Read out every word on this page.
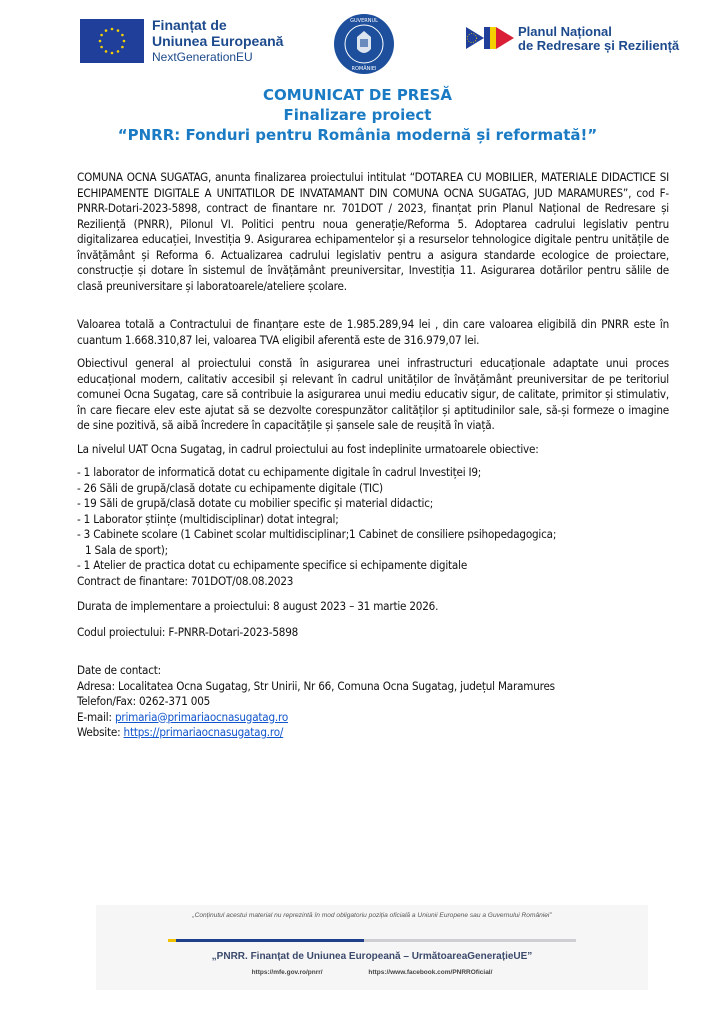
Finanțat de
Uniunea Europeană
NextGenerationEU
GUVERNUL
ROMÂNIEI
Planul Național
de Redresare și Reziliență
COMUNICAT DE PRESĂ
Finalizare proiect
“PNRR: Fonduri pentru România modernă și reformată!”

COMUNA OCNA SUGATAG, anunta finalizarea proiectului intitulat “DOTAREA CU MOBILIER, MATERIALE DIDACTICE SI ECHIPAMENTE DIGITALE A UNITATILOR DE INVATAMANT DIN COMUNA OCNA SUGATAG, JUD MARAMURES”, cod F-PNRR-Dotari-2023-5898, contract de finantare nr. 701DOT / 2023, finanțat prin Planul Național de Redresare și Reziliență (PNRR), Pilonul VI. Politici pentru noua generație/Reforma 5. Adoptarea cadrului legislativ pentru digitalizarea educației, Investiția 9. Asigurarea echipamentelor și a resurselor tehnologice digitale pentru unitățile de învățământ și Reforma 6. Actualizarea cadrului legislativ pentru a asigura standarde ecologice de proiectare, construcție și dotare în sistemul de învățământ preuniversitar, Investiția 11. Asigurarea dotărilor pentru sălile de clasă preuniversitare și laboratoarele/ateliere școlare.

Valoarea totală a Contractului de finanțare este de 1.985.289,94 lei , din care valoarea eligibilă din PNRR este în cuantum 1.668.310,87 lei, valoarea TVA eligibil aferentă este de 316.979,07 lei.

Obiectivul general al proiectului constă în asigurarea unei infrastructuri educaționale adaptate unui proces educațional modern, calitativ accesibil și relevant în cadrul unităților de învățământ preuniversitar de pe teritoriul comunei Ocna Sugatag, care să contribuie la asigurarea unui mediu educativ sigur, de calitate, primitor și stimulativ, în care fiecare elev este ajutat să se dezvolte corespunzător calităților și aptitudinilor sale, să-și formeze o imagine de sine pozitivă, să aibă încredere în capacitățile și șansele sale de reușită în viață.

La nivelul UAT Ocna Sugatag, in cadrul proiectului au fost indeplinite urmatoarele obiective:

- 1 laborator de informatică dotat cu echipamente digitale în cadrul Investiței I9;

- 26 Săli de grupă/clasă dotate cu echipamente digitale (TIC)

- 19 Săli de grupă/clasă dotate cu mobilier specific și material didactic;

- 1 Laborator științe (multidisciplinar) dotat integral;

- 3 Cabinete scolare (1 Cabinet scolar multidisciplinar;1 Cabinet de consiliere psihopedagogica;

1 Sala de sport);

- 1 Atelier de practica dotat cu echipamente specifice si echipamente digitale

Contract de finantare: 701DOT/08.08.2023

Durata de implementare a proiectului: 8 august 2023 – 31 martie 2026.

Codul proiectului: F-PNRR-Dotari-2023-5898

Date de contact:

Adresa: Localitatea Ocna Sugatag, Str Unirii, Nr 66, Comuna Ocna Sugatag, județul Maramures

Telefon/Fax: 0262-371 005

E-mail: primaria@primariaocnasugatag.ro

Website: https://primariaocnasugatag.ro/

„Conținutul acestui material nu reprezintă în mod obligatoriu poziția oficială a Uniunii Europene sau a Guvernului României”
„PNRR. Finanțat de Uniunea Europeană – UrmătoareaGenerațieUE”
https://mfe.gov.ro/pnrr/	https://www.facebook.com/PNRROficial/
